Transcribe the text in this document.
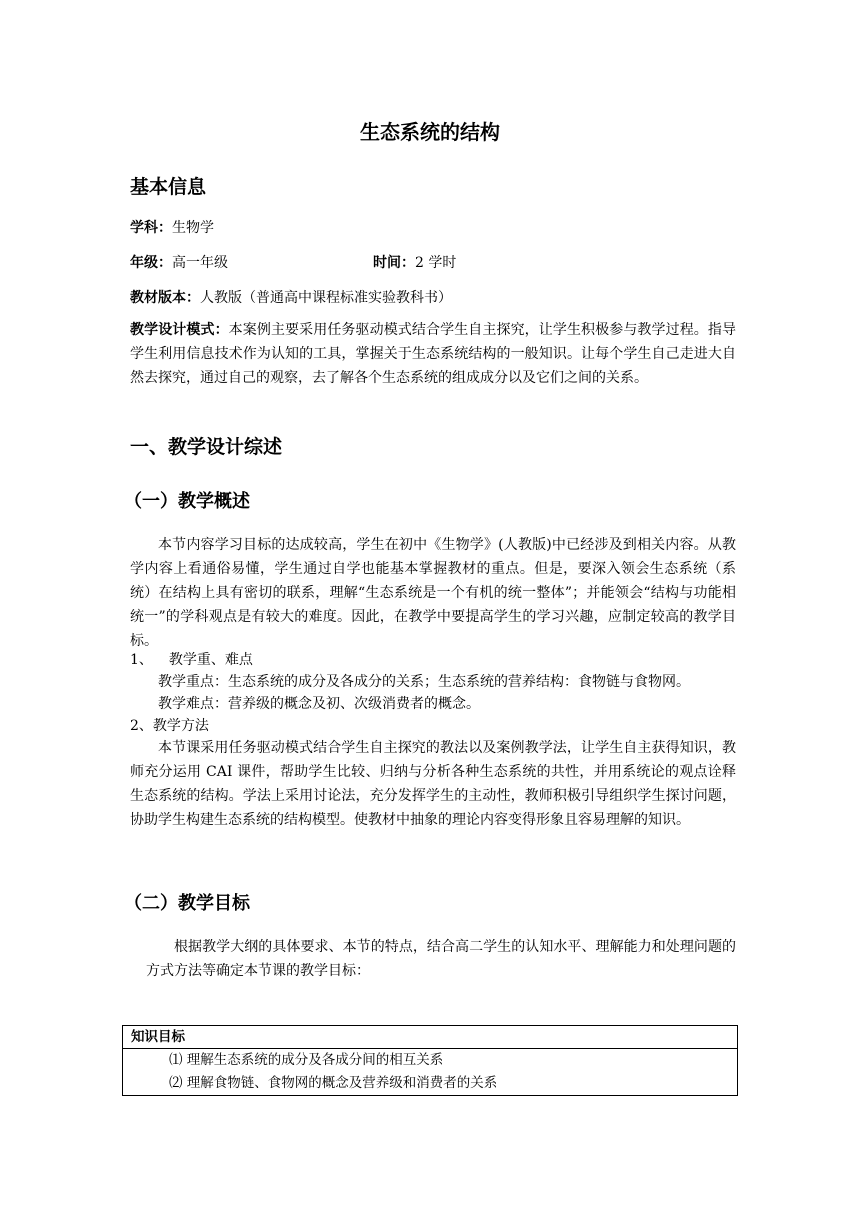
生态系统的结构
基本信息
学科：生物学
年级：高一年级	时间：2 学时
教材版本：人教版（普通高中课程标准实验教科书）
教学设计模式：本案例主要采用任务驱动模式结合学生自主探究，让学生积极参与教学过程。指导学生利用信息技术作为认知的工具，掌握关于生态系统结构的一般知识。让每个学生自己走进大自然去探究，通过自己的观察，去了解各个生态系统的组成成分以及它们之间的关系。
一、教学设计综述
（一）教学概述
本节内容学习目标的达成较高，学生在初中《生物学》(人教版)中已经涉及到相关内容。从教学内容上看通俗易懂，学生通过自学也能基本掌握教材的重点。但是，要深入领会生态系统（系统）在结构上具有密切的联系，理解“生态系统是一个有机的统一整体”；并能领会“结构与功能相统一”的学科观点是有较大的难度。因此，在教学中要提高学生的学习兴趣，应制定较高的教学目标。
1、 教学重、难点
教学重点：生态系统的成分及各成分的关系；生态系统的营养结构：食物链与食物网。
教学难点：营养级的概念及初、次级消费者的概念。
2、教学方法
本节课采用任务驱动模式结合学生自主探究的教法以及案例教学法，让学生自主获得知识，教师充分运用 CAI 课件，帮助学生比较、归纳与分析各种生态系统的共性，并用系统论的观点诠释生态系统的结构。学法上采用讨论法，充分发挥学生的主动性，教师积极引导组织学生探讨问题，协助学生构建生态系统的结构模型。使教材中抽象的理论内容变得形象且容易理解的知识。
（二）教学目标
根据教学大纲的具体要求、本节的特点，结合高二学生的认知水平、理解能力和处理问题的方式方法等确定本节课的教学目标：
知识目标

⑴ 理解生态系统的成分及各成分间的相互关系
⑵ 理解食物链、食物网的概念及营养级和消费者的关系
